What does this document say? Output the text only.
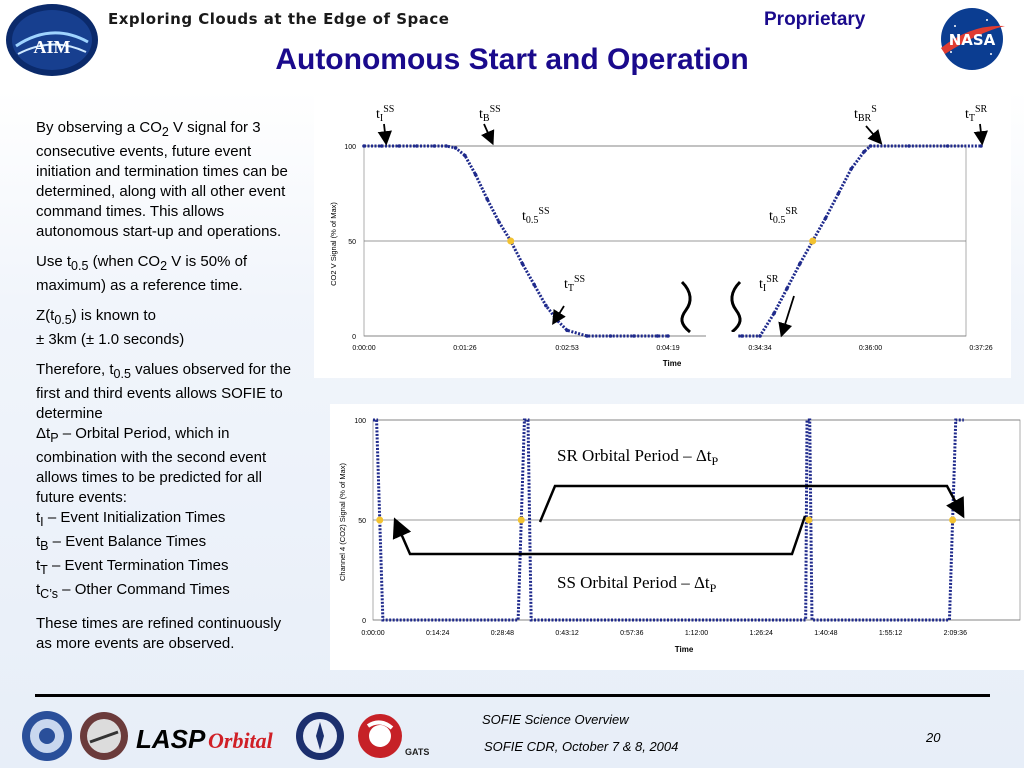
AIM
Exploring Clouds at the Edge of Space	Proprietary
Autonomous Start and Operation
NASA

By observing a $CO_2$ V signal for 3 consecutive events, future event initiation and termination times can be determined, along with all other event command times. This allows autonomous start-up and operations.

Use $t_{0.5}$ (when $CO_2$ V is 50% of maximum) as a reference time.

$Z(t_{0.5})$ is known to
± 3km (± 1.0 seconds)

Therefore, $t_{0.5}$ values observed for the first and third events allows SOFIE to determine
$\Delta t_P$ – Orbital Period, which in combination with the second event allows times to be predicted for all future events:

$t_I$ – Event Initialization Times
$t_B$ – Event Balance Times
$t_T$ – Event Termination Times

$t_{C’s}$ – Other Command Times

These times are refined continuously as more events are observed.

0
50
100
0:00:00	0:01:26	0:02:53	0:04:19	0:34:34	0:36:00	0:37:26
Time
CO2 V Signal (% of Max)
$t_I^{SS}$	$t_B^{SS}$
$t_{0.5}^{SS}$
$t_T^{SS}$	$t_I^{SR}$
$t_{0.5}^{SR}$
$t_{BR}^S$	$t_T^{SR}$
0
50
100
0:00:00	0:14:24	0:28:48	0:43:12	0:57:36	1:12:00	1:26:24	1:40:48	1:55:12	2:09:36
Time
Channel 4 (CO2) Signal (% of Max)
SR Orbital Period – $\Delta t_P$
SS Orbital Period – $\Delta t_P$
LASP Orbital	GATS
SOFIE Science Overview
SOFIE CDR, October 7 & 8, 2004
20
